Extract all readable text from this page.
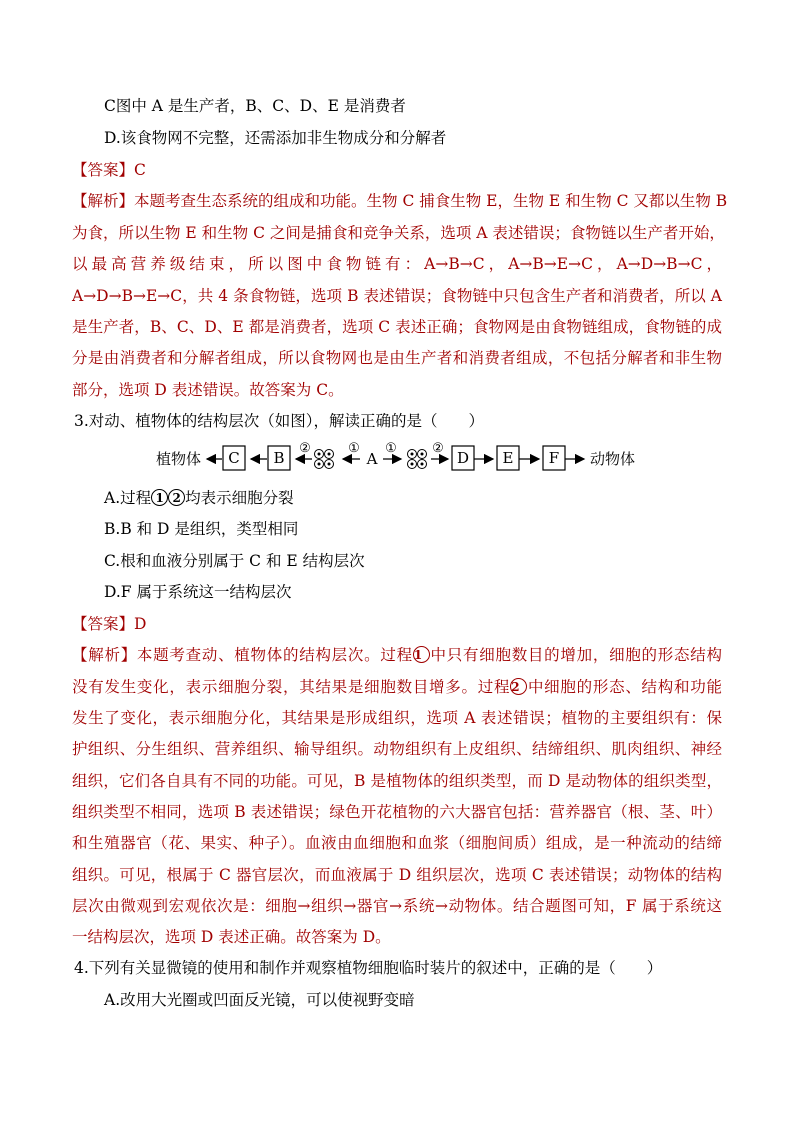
C图中 A 是生产者，B、C、D、E 是消费者
D.该食物网不完整，还需添加非生物成分和分解者
【答案】C
【解析】本题考查生态系统的组成和功能。生物 C 捕食生物 E，生物 E 和生物 C 又都以生物 B
为食，所以生物 E 和生物 C 之间是捕食和竞争关系，选项 A 表述错误；食物链以生产者开始，
以最高营养级结束，所以图中食物链有：A→B→C，A→B→E→C，A→D→B→C，
A→D→B→E→C，共 4 条食物链，选项 B 表述错误；食物链中只包含生产者和消费者，所以 A
是生产者，B、C、D、E 都是消费者，选项 C 表述正确；食物网是由食物链组成，食物链的成
分是由消费者和分解者组成，所以食物网也是由生产者和消费者组成，不包括分解者和非生物
部分，选项 D 表述错误。故答案为 C。
3.对动、植物体的结构层次（如图），解读正确的是（　　）
植物体 C B
②	①
A
①	②
D E F 动物体
A.过程 1 2 均表示细胞分裂
B.B 和 D 是组织，类型相同
C.根和血液分别属于 C 和 E 结构层次
D.F 属于系统这一结构层次
【答案】D
【解析】本题考查动、植物体的结构层次。过程1 中只有细胞数目的增加，细胞的形态结构
没有发生变化，表示细胞分裂，其结果是细胞数目增多。过程2 中细胞的形态、结构和功能
发生了变化，表示细胞分化，其结果是形成组织，选项 A 表述错误；植物的主要组织有：保
护组织、分生组织、营养组织、输导组织。动物组织有上皮组织、结缔组织、肌肉组织、神经
组织，它们各自具有不同的功能。可见，B 是植物体的组织类型，而 D 是动物体的组织类型，
组织类型不相同，选项 B 表述错误；绿色开花植物的六大器官包括：营养器官（根、茎、叶）
和生殖器官（花、果实、种子）。血液由血细胞和血浆（细胞间质）组成，是一种流动的结缔
组织。可见，根属于 C 器官层次，而血液属于 D 组织层次，选项 C 表述错误；动物体的结构
层次由微观到宏观依次是：细胞→组织→器官→系统→动物体。结合题图可知，F 属于系统这
一结构层次，选项 D 表述正确。故答案为 D。
4.下列有关显微镜的使用和制作并观察植物细胞临时装片的叙述中，正确的是（　　）
A.改用大光圈或凹面反光镜，可以使视野变暗
